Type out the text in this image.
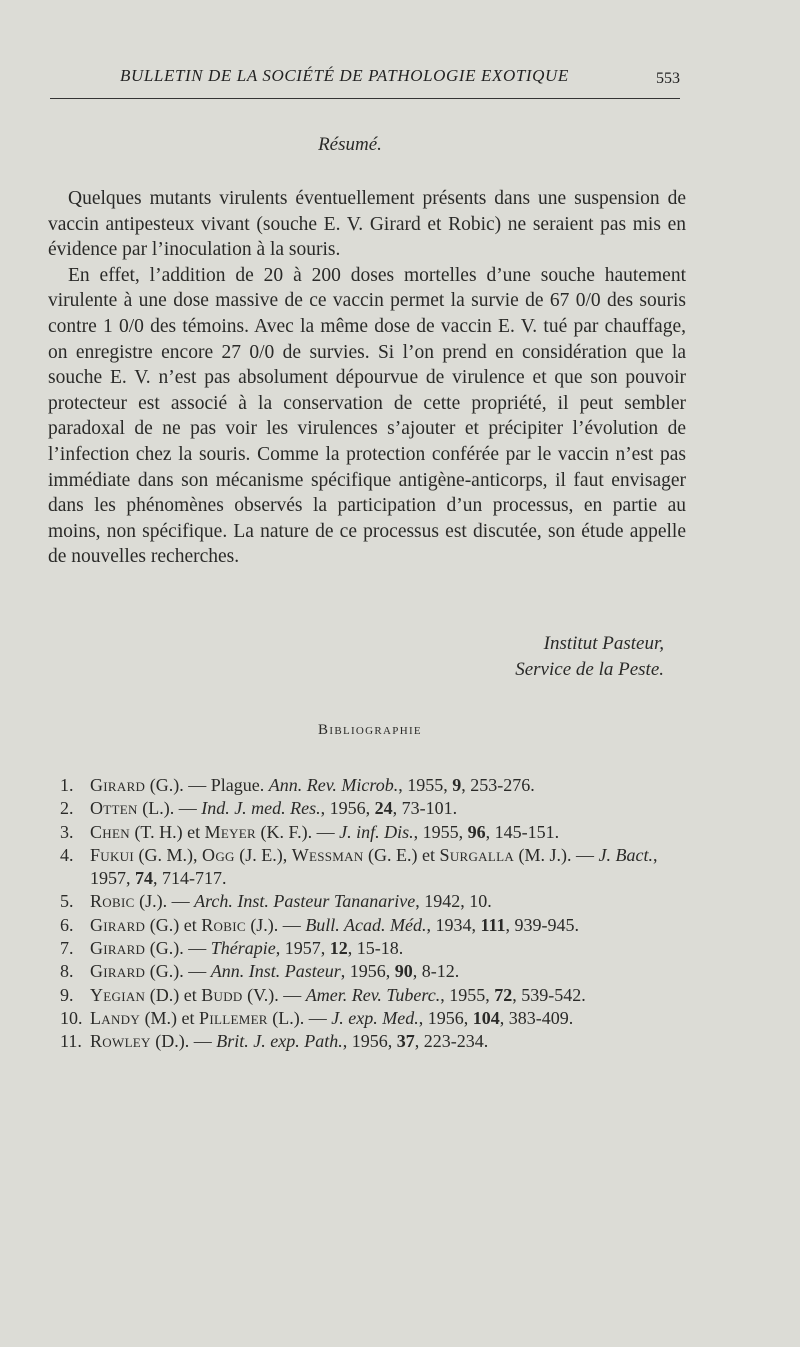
BULLETIN DE LA SOCIÉTÉ DE PATHOLOGIE EXOTIQUE	553
Résumé.

Quelques mutants virulents éventuellement présents dans une suspension de vaccin antipesteux vivant (souche E. V. Girard et Robic) ne seraient pas mis en évidence par l’inoculation à la souris.

En effet, l’addition de 20 à 200 doses mortelles d’une souche hautement virulente à une dose massive de ce vaccin permet la survie de 67 0/0 des souris contre 1 0/0 des témoins. Avec la même dose de vaccin E. V. tué par chauffage, on enregistre encore 27 0/0 de survies. Si l’on prend en considération que la souche E. V. n’est pas absolument dépourvue de virulence et que son pouvoir protecteur est associé à la conservation de cette propriété, il peut sembler paradoxal de ne pas voir les virulences s’ajouter et précipiter l’évolution de l’infection chez la souris. Comme la protection conférée par le vaccin n’est pas immédiate dans son mécanisme spécifique antigène-anticorps, il faut envisager dans les phénomènes observés la participation d’un processus, en partie au moins, non spécifique. La nature de ce processus est discutée, son étude appelle de nouvelles recherches.

Institut Pasteur,
Service de la Peste.
Bibliographie
1. Girard (G.). — Plague. Ann. Rev. Microb., 1955, 9, 253-276.
2. Otten (L.). — Ind. J. med. Res., 1956, 24, 73-101.
3. Chen (T. H.) et Meyer (K. F.). — J. inf. Dis., 1955, 96, 145-151.
4. Fukui (G. M.), Ogg (J. E.), Wessman (G. E.) et Surgalla (M. J.). — J. Bact., 1957, 74, 714-717.
5. Robic (J.). — Arch. Inst. Pasteur Tananarive, 1942, 10.
6. Girard (G.) et Robic (J.). — Bull. Acad. Méd., 1934, 111, 939-945.
7. Girard (G.). — Thérapie, 1957, 12, 15-18.
8. Girard (G.). — Ann. Inst. Pasteur, 1956, 90, 8-12.
9. Yegian (D.) et Budd (V.). — Amer. Rev. Tuberc., 1955, 72, 539-542.
10. Landy (M.) et Pillemer (L.). — J. exp. Med., 1956, 104, 383-409.
11. Rowley (D.). — Brit. J. exp. Path., 1956, 37, 223-234.
